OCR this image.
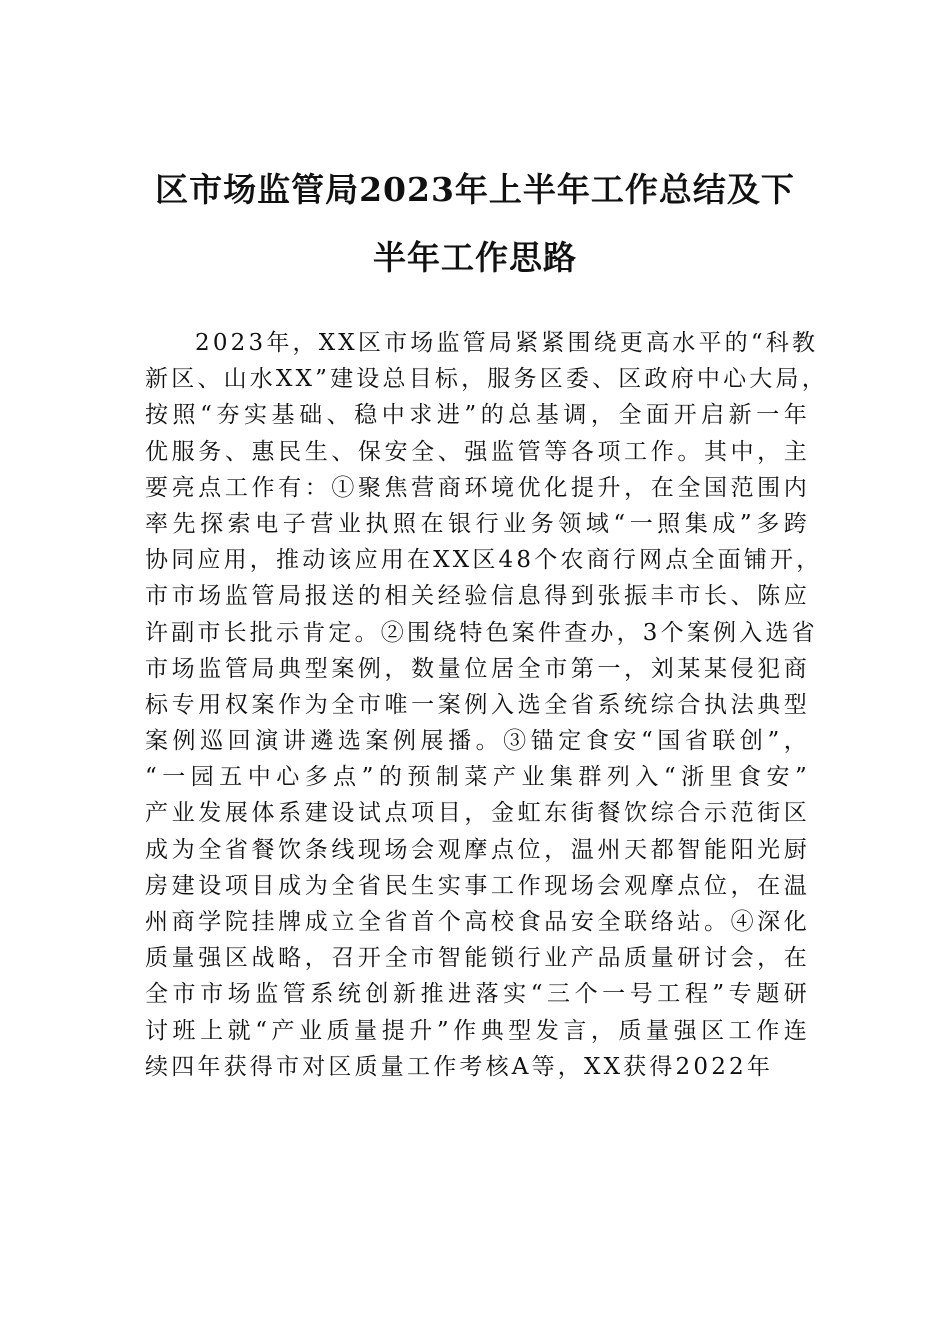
区市场监管局2023年上半年工作总结及下
半年工作思路
2023年，XX区市场监管局紧紧围绕更高水平的“科教
新区、山水XX”建设总目标，服务区委、区政府中心大局，
按照“夯实基础、稳中求进”的总基调，全面开启新一年
优服务、惠民生、保安全、强监管等各项工作。其中，主
要亮点工作有：①聚焦营商环境优化提升，在全国范围内
率先探索电子营业执照在银行业务领域“一照集成”多跨
协同应用，推动该应用在XX区48个农商行网点全面铺开，
市市场监管局报送的相关经验信息得到张振丰市长、陈应
许副市长批示肯定。②围绕特色案件查办，3个案例入选省
市场监管局典型案例，数量位居全市第一，刘某某侵犯商
标专用权案作为全市唯一案例入选全省系统综合执法典型
案例巡回演讲遴选案例展播。③锚定食安“国省联创”，
“一园五中心多点”的预制菜产业集群列入“浙里食安”
产业发展体系建设试点项目，金虹东街餐饮综合示范街区
成为全省餐饮条线现场会观摩点位，温州天都智能阳光厨
房建设项目成为全省民生实事工作现场会观摩点位，在温
州商学院挂牌成立全省首个高校食品安全联络站。④深化
质量强区战略，召开全市智能锁行业产品质量研讨会，在
全市市场监管系统创新推进落实“三个一号工程”专题研
讨班上就“产业质量提升”作典型发言，质量强区工作连
续四年获得市对区质量工作考核A等，XX获得2022年
